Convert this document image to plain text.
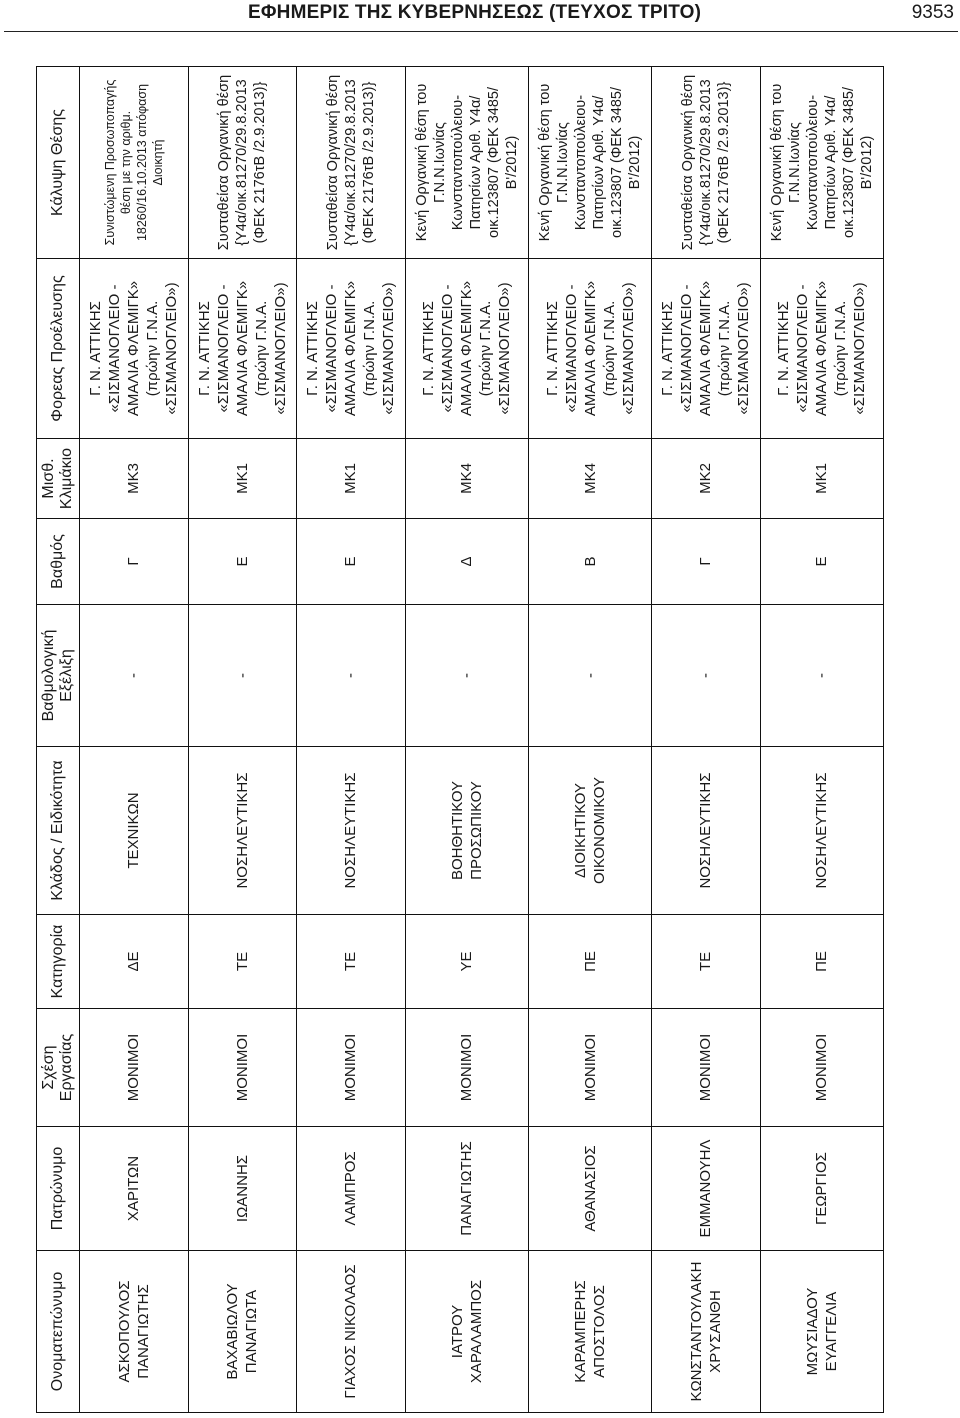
ΕΦΗΜΕΡΙΣ ΤΗΣ ΚΥΒΕΡΝΗΣΕΩΣ (ΤΕΥΧΟΣ ΤΡΙΤΟ)	9353
Ονοματεπώνυμο	Πατρώνυμο	Σχέση Εργασίας	Κατηγορία	Κλάδος / Ειδικότητα	Βαθμολογική Εξέλιξη	Βαθμός	Μισθ. Κλιμάκιο	Φορεας Προέλευσης	Κάλυψη Θέσης
ΑΣΚΟΠΟΥΛΟΣ ΠΑΝΑΓΙΩΤΗΣ	ΧΑΡΙΤΩΝ	ΜΟΝΙΜΟΙ	ΔΕ	ΤΕΧΝΙΚΩΝ	-	Γ	ΜΚ3	Γ. Ν. ΑΤΤΙΚΗΣ «ΣΙΣΜΑΝΟΓΛΕΙΟ - ΑΜΑΛΙΑ ΦΛΕΜΙΓΚ» (πρώην Γ.Ν.Α. «ΣΙΣΜΑΝΟΓΛΕΙΟ»)	Συνιστώμενη Προσωποπαγής θέση με την αριθμ. 18260/16.10.2013 απόφαση Διοικητή
ΒΑΧΑΒΙΩΛΟΥ ΠΑΝΑΓΙΩΤΑ	ΙΩΑΝΝΗΣ	ΜΟΝΙΜΟΙ	ΤΕ	ΝΟΣΗΛΕΥΤΙΚΗΣ	-	Ε	ΜΚ1	Γ. Ν. ΑΤΤΙΚΗΣ «ΣΙΣΜΑΝΟΓΛΕΙΟ - ΑΜΑΛΙΑ ΦΛΕΜΙΓΚ» (πρώην Γ.Ν.Α. «ΣΙΣΜΑΝΟΓΛΕΙΟ»)	Συσταθείσα Οργανική θέση {Υ4α/οικ.81270/29.8.2013 (ΦΕΚ 2176τΒ /2.9.2013)}
ΓΙΑΧΟΣ ΝΙΚΟΛΑΟΣ	ΛΑΜΠΡΟΣ	ΜΟΝΙΜΟΙ	ΤΕ	ΝΟΣΗΛΕΥΤΙΚΗΣ	-	Ε	ΜΚ1	Γ. Ν. ΑΤΤΙΚΗΣ «ΣΙΣΜΑΝΟΓΛΕΙΟ - ΑΜΑΛΙΑ ΦΛΕΜΙΓΚ» (πρώην Γ.Ν.Α. «ΣΙΣΜΑΝΟΓΛΕΙΟ»)	Συσταθείσα Οργανική θέση {Υ4α/οικ.81270/29.8.2013 (ΦΕΚ 2176τΒ /2.9.2013)}
ΙΑΤΡΟΥ ΧΑΡΑΛΑΜΠΟΣ	ΠΑΝΑΓΙΩΤΗΣ	ΜΟΝΙΜΟΙ	ΥΕ	ΒΟΗΘΗΤΙΚΟΥ ΠΡΟΣΩΠΙΚΟΥ	-	Δ	ΜΚ4	Γ. Ν. ΑΤΤΙΚΗΣ «ΣΙΣΜΑΝΟΓΛΕΙΟ - ΑΜΑΛΙΑ ΦΛΕΜΙΓΚ» (πρώην Γ.Ν.Α. «ΣΙΣΜΑΝΟΓΛΕΙΟ»)	Κενή Οργανική θέση του Γ.Ν.Ν.Ιωνίας Κωνσταντοπούλειου-Πατησίων Αριθ. Υ4α/οικ.123807 (ΦΕΚ 3485/Β'/2012)
ΚΑΡΑΜΠΕΡΗΣ ΑΠΟΣΤΟΛΟΣ	ΑΘΑΝΑΣΙΟΣ	ΜΟΝΙΜΟΙ	ΠΕ	ΔΙΟΙΚΗΤΙΚΟΥ ΟΙΚΟΝΟΜΙΚΟΥ	-	Β	ΜΚ4	Γ. Ν. ΑΤΤΙΚΗΣ «ΣΙΣΜΑΝΟΓΛΕΙΟ - ΑΜΑΛΙΑ ΦΛΕΜΙΓΚ» (πρώην Γ.Ν.Α. «ΣΙΣΜΑΝΟΓΛΕΙΟ»)	Κενή Οργανική θέση του Γ.Ν.Ν.Ιωνίας Κωνσταντοπούλειου-Πατησίων Αριθ. Υ4α/οικ.123807 (ΦΕΚ 3485/Β'/2012)
ΚΩΝΣΤΑΝΤΟΥΛΑΚΗ ΧΡΥΣΑΝΘΗ	ΕΜΜΑΝΟΥΗΛ	ΜΟΝΙΜΟΙ	ΤΕ	ΝΟΣΗΛΕΥΤΙΚΗΣ	-	Γ	ΜΚ2	Γ. Ν. ΑΤΤΙΚΗΣ «ΣΙΣΜΑΝΟΓΛΕΙΟ - ΑΜΑΛΙΑ ΦΛΕΜΙΓΚ» (πρώην Γ.Ν.Α. «ΣΙΣΜΑΝΟΓΛΕΙΟ»)	Συσταθείσα Οργανική θέση {Υ4α/οικ.81270/29.8.2013 (ΦΕΚ 2176τΒ /2.9.2013)}
ΜΩΥΣΙΑΔΟΥ ΕΥΑΓΓΕΛΙΑ	ΓΕΩΡΓΙΟΣ	ΜΟΝΙΜΟΙ	ΠΕ	ΝΟΣΗΛΕΥΤΙΚΗΣ	-	Ε	ΜΚ1	Γ. Ν. ΑΤΤΙΚΗΣ «ΣΙΣΜΑΝΟΓΛΕΙΟ - ΑΜΑΛΙΑ ΦΛΕΜΙΓΚ» (πρώην Γ.Ν.Α. «ΣΙΣΜΑΝΟΓΛΕΙΟ»)	Κενή Οργανική θέση του Γ.Ν.Ν.Ιωνίας Κωνσταντοπούλειου-Πατησίων Αριθ. Υ4α/οικ.123807 (ΦΕΚ 3485/Β'/2012)
